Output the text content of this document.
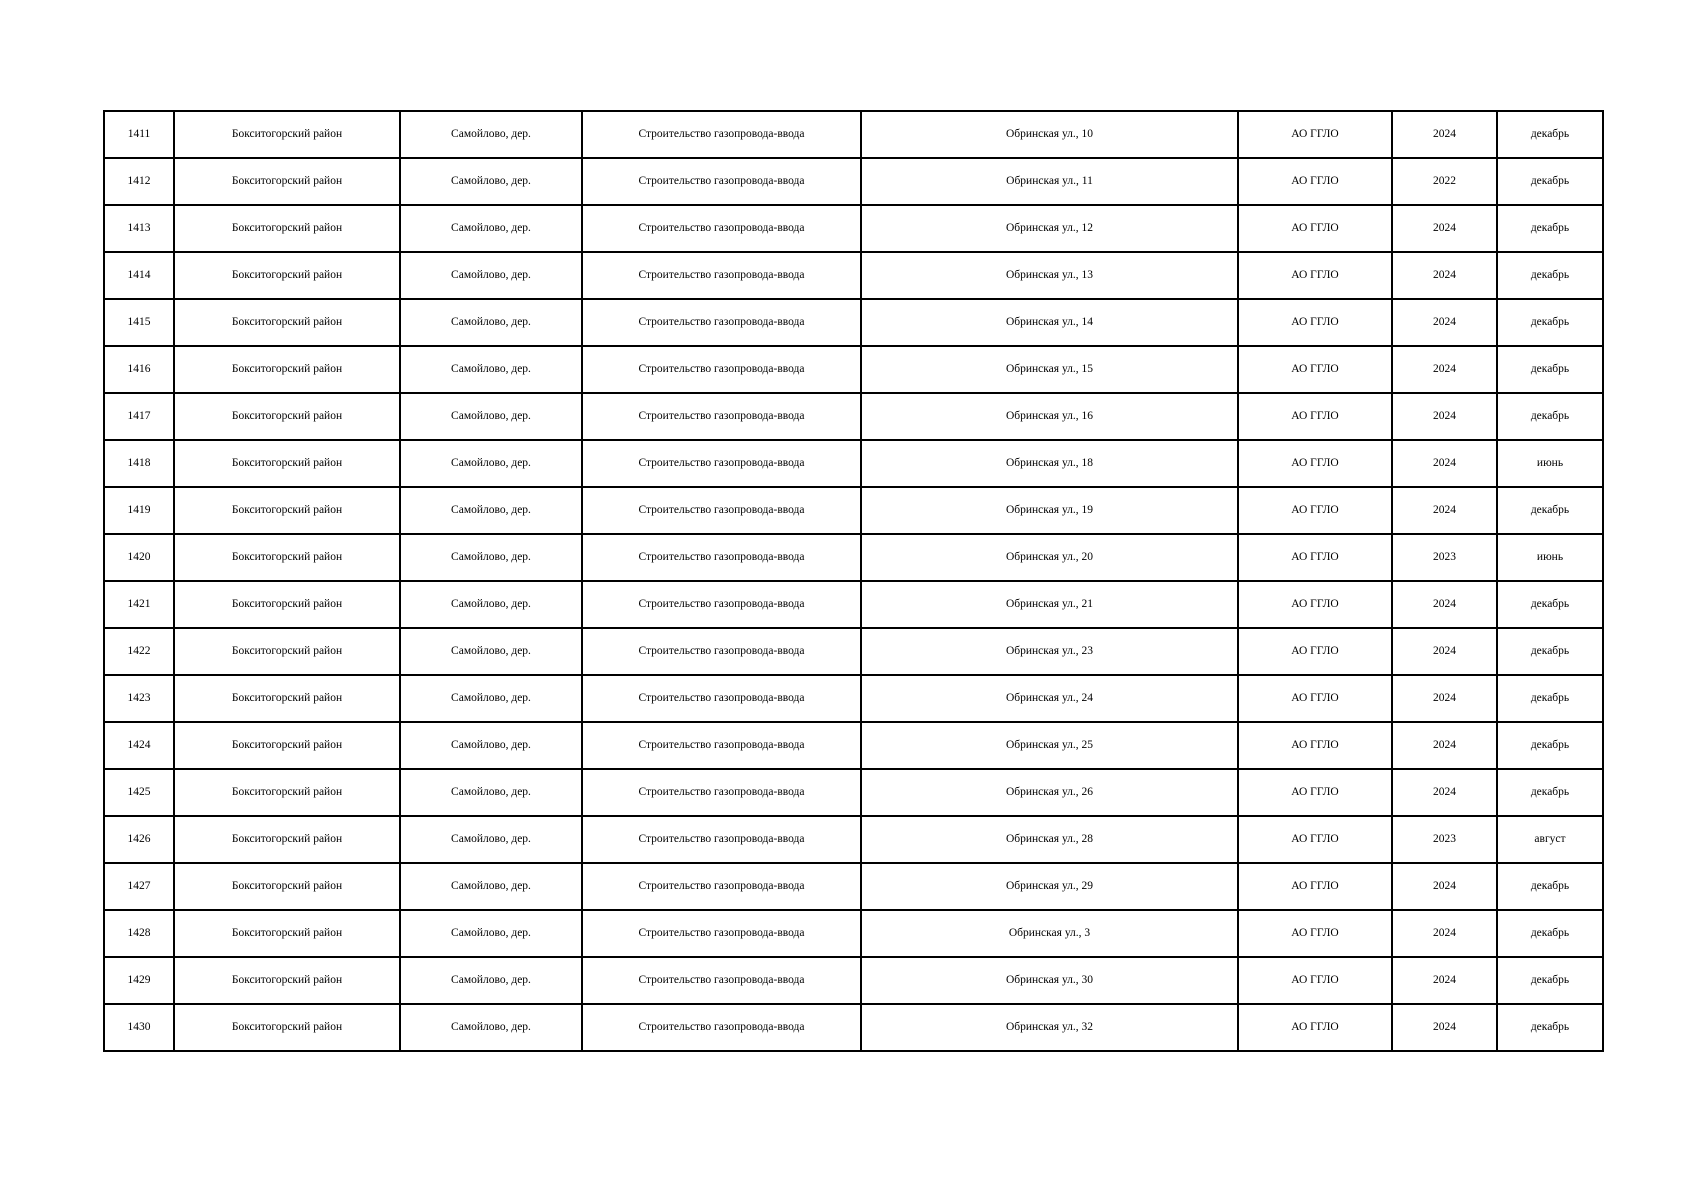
1411	Бокситогорский район	Самойлово, дер.	Строительство газопровода-ввода	Обринская ул., 10	АО ГГЛО	2024	декабрь
1412	Бокситогорский район	Самойлово, дер.	Строительство газопровода-ввода	Обринская ул., 11	АО ГГЛО	2022	декабрь
1413	Бокситогорский район	Самойлово, дер.	Строительство газопровода-ввода	Обринская ул., 12	АО ГГЛО	2024	декабрь
1414	Бокситогорский район	Самойлово, дер.	Строительство газопровода-ввода	Обринская ул., 13	АО ГГЛО	2024	декабрь
1415	Бокситогорский район	Самойлово, дер.	Строительство газопровода-ввода	Обринская ул., 14	АО ГГЛО	2024	декабрь
1416	Бокситогорский район	Самойлово, дер.	Строительство газопровода-ввода	Обринская ул., 15	АО ГГЛО	2024	декабрь
1417	Бокситогорский район	Самойлово, дер.	Строительство газопровода-ввода	Обринская ул., 16	АО ГГЛО	2024	декабрь
1418	Бокситогорский район	Самойлово, дер.	Строительство газопровода-ввода	Обринская ул., 18	АО ГГЛО	2024	июнь
1419	Бокситогорский район	Самойлово, дер.	Строительство газопровода-ввода	Обринская ул., 19	АО ГГЛО	2024	декабрь
1420	Бокситогорский район	Самойлово, дер.	Строительство газопровода-ввода	Обринская ул., 20	АО ГГЛО	2023	июнь
1421	Бокситогорский район	Самойлово, дер.	Строительство газопровода-ввода	Обринская ул., 21	АО ГГЛО	2024	декабрь
1422	Бокситогорский район	Самойлово, дер.	Строительство газопровода-ввода	Обринская ул., 23	АО ГГЛО	2024	декабрь
1423	Бокситогорский район	Самойлово, дер.	Строительство газопровода-ввода	Обринская ул., 24	АО ГГЛО	2024	декабрь
1424	Бокситогорский район	Самойлово, дер.	Строительство газопровода-ввода	Обринская ул., 25	АО ГГЛО	2024	декабрь
1425	Бокситогорский район	Самойлово, дер.	Строительство газопровода-ввода	Обринская ул., 26	АО ГГЛО	2024	декабрь
1426	Бокситогорский район	Самойлово, дер.	Строительство газопровода-ввода	Обринская ул., 28	АО ГГЛО	2023	август
1427	Бокситогорский район	Самойлово, дер.	Строительство газопровода-ввода	Обринская ул., 29	АО ГГЛО	2024	декабрь
1428	Бокситогорский район	Самойлово, дер.	Строительство газопровода-ввода	Обринская ул., 3	АО ГГЛО	2024	декабрь
1429	Бокситогорский район	Самойлово, дер.	Строительство газопровода-ввода	Обринская ул., 30	АО ГГЛО	2024	декабрь
1430	Бокситогорский район	Самойлово, дер.	Строительство газопровода-ввода	Обринская ул., 32	АО ГГЛО	2024	декабрь
